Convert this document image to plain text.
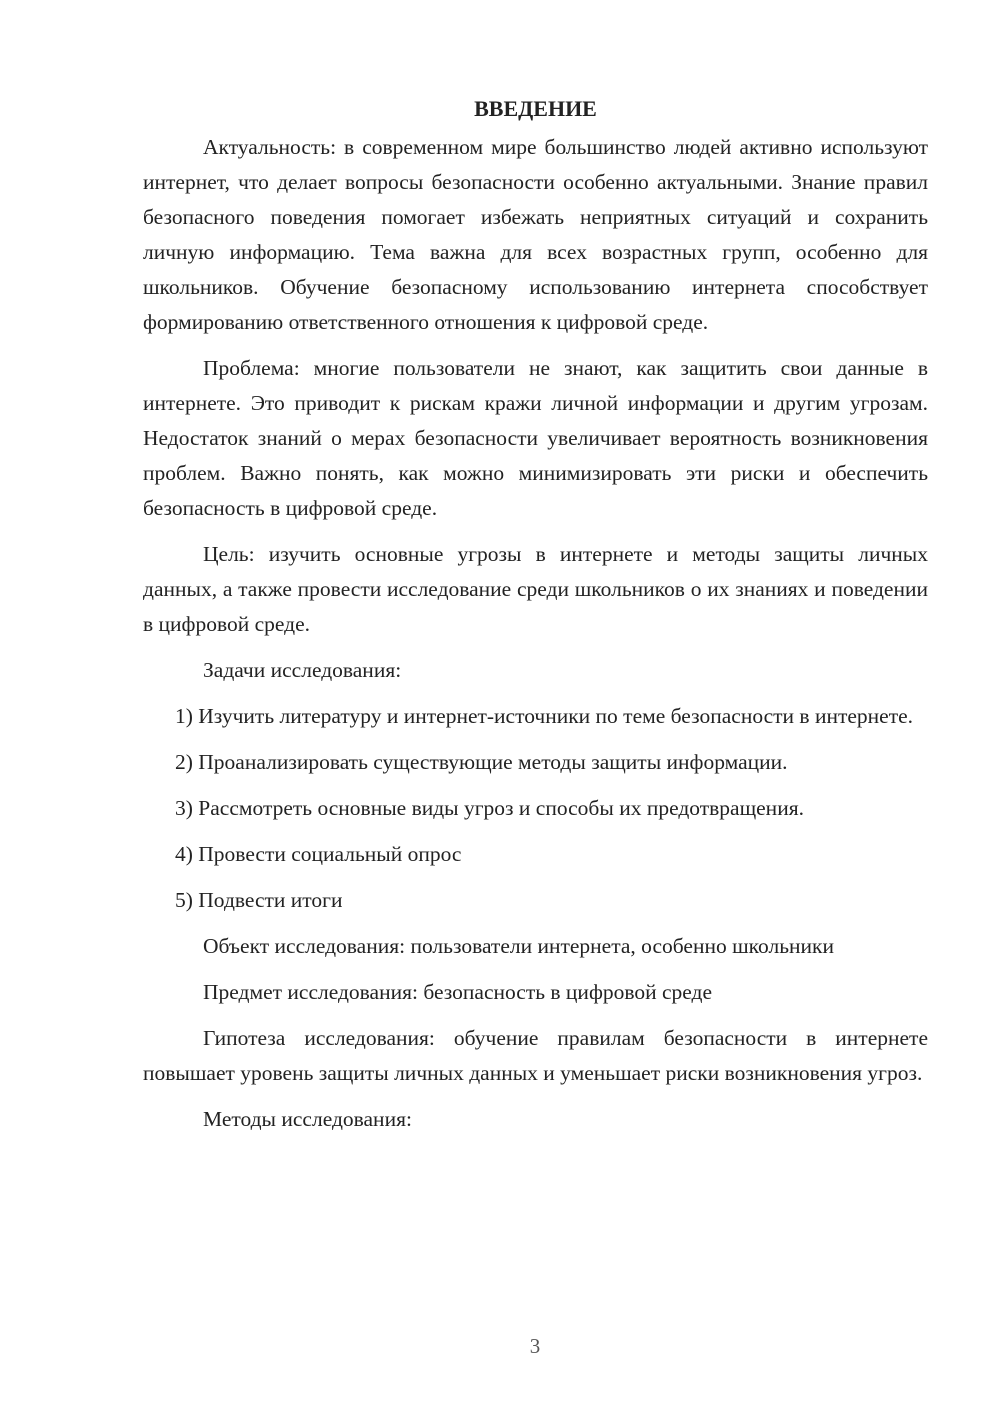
ВВЕДЕНИЕ

Актуальность: в современном мире большинство людей активно используют интернет, что делает вопросы безопасности особенно актуальными. Знание правил безопасного поведения помогает избежать неприятных ситуаций и сохранить личную информацию. Тема важна для всех возрастных групп, особенно для школьников. Обучение безопасному использованию интернета способствует формированию ответственного отношения к цифровой среде.

Проблема: многие пользователи не знают, как защитить свои данные в интернете. Это приводит к рискам кражи личной информации и другим угрозам. Недостаток знаний о мерах безопасности увеличивает вероятность возникновения проблем. Важно понять, как можно минимизировать эти риски и обеспечить безопасность в цифровой среде.

Цель: изучить основные угрозы в интернете и методы защиты личных данных, а также провести исследование среди школьников о их знаниях и поведении в цифровой среде.

Задачи исследования:

1) Изучить литературу и интернет-источники по теме безопасности в интернете.

2) Проанализировать существующие методы защиты информации.

3) Рассмотреть основные виды угроз и способы их предотвращения.

4) Провести социальный опрос

5) Подвести итоги

Объект исследования: пользователи интернета, особенно школьники

Предмет исследования: безопасность в цифровой среде

Гипотеза исследования: обучение правилам безопасности в интернете повышает уровень защиты личных данных и уменьшает риски возникновения угроз.

Методы исследования:

3
